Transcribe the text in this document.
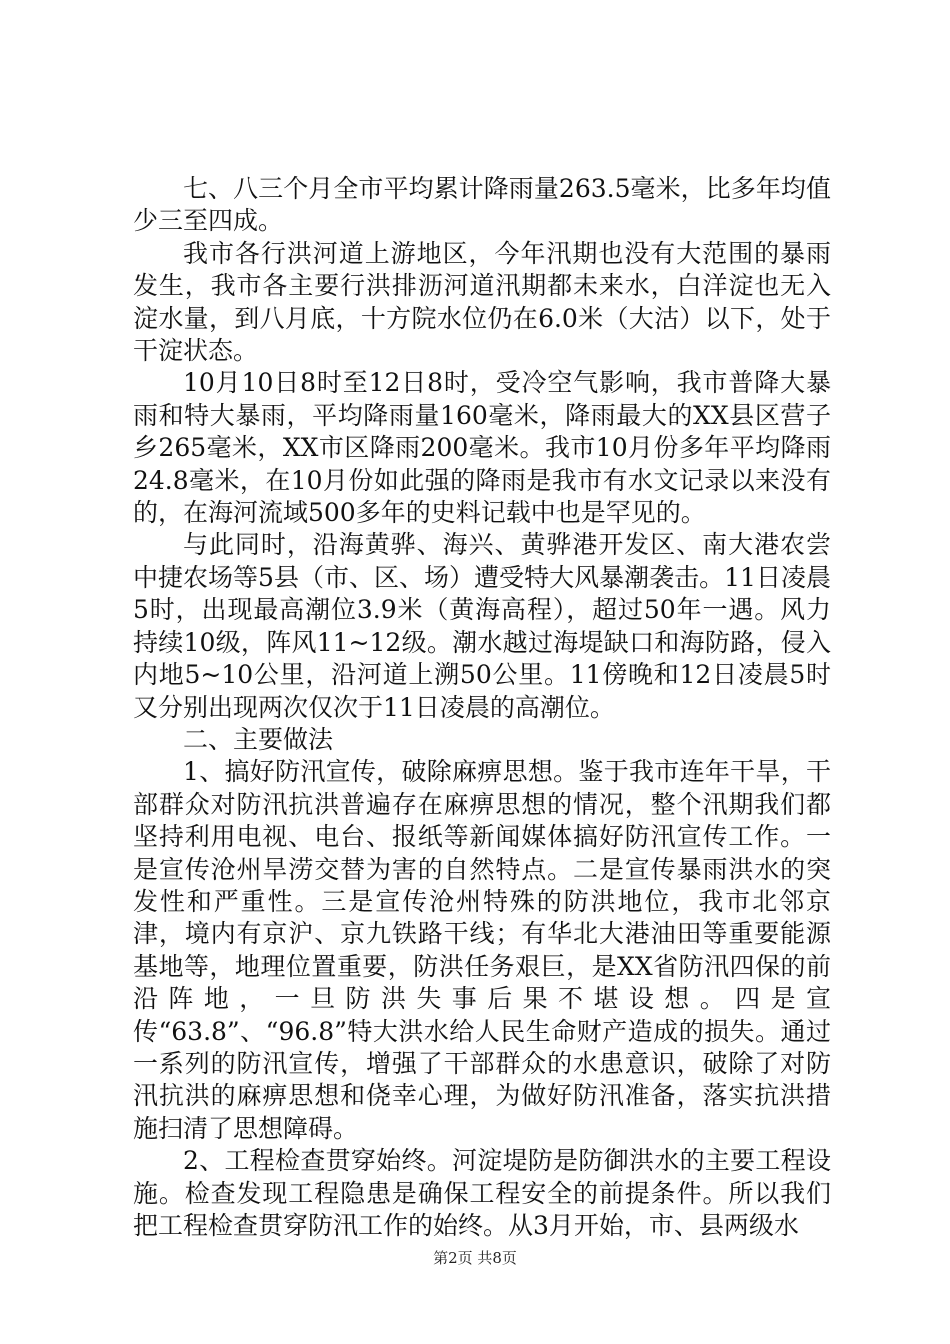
七、八三个月全市平均累计降雨量263.5毫米，比多年均值少三至四成。

我市各行洪河道上游地区，今年汛期也没有大范围的暴雨发生，我市各主要行洪排沥河道汛期都未来水，白洋淀也无入淀水量，到八月底，十方院水位仍在6.0米（大沽）以下，处于干淀状态。

10月10日8时至12日8时，受冷空气影响，我市普降大暴雨和特大暴雨，平均降雨量160毫米，降雨最大的XX县区营子乡265毫米，XX市区降雨200毫米。我市10月份多年平均降雨24.8毫米，在10月份如此强的降雨是我市有水文记录以来没有的，在海河流域500多年的史料记载中也是罕见的。

与此同时，沿海黄骅、海兴、黄骅港开发区、南大港农尝中捷农场等5县（市、区、场）遭受特大风暴潮袭击。11日凌晨5时，出现最高潮位3.9米（黄海高程），超过50年一遇。风力持续10级，阵风11~12级。潮水越过海堤缺口和海防路，侵入内地5~10公里，沿河道上溯50公里。11傍晚和12日凌晨5时又分别出现两次仅次于11日凌晨的高潮位。

二、主要做法

1、搞好防汛宣传，破除麻痹思想。鉴于我市连年干旱，干部群众对防汛抗洪普遍存在麻痹思想的情况，整个汛期我们都坚持利用电视、电台、报纸等新闻媒体搞好防汛宣传工作。一是宣传沧州旱涝交替为害的自然特点。二是宣传暴雨洪水的突发性和严重性。三是宣传沧州特殊的防洪地位，我市北邻京津，境内有京沪、京九铁路干线；有华北大港油田等重要能源基地等，地理位置重要，防洪任务艰巨，是XX省防汛四保的前沿阵地，一旦防洪失事后果不堪设想。四是宣传“63.8”、“96.8”特大洪水给人民生命财产造成的损失。通过一系列的防汛宣传，增强了干部群众的水患意识，破除了对防汛抗洪的麻痹思想和侥幸心理，为做好防汛准备，落实抗洪措施扫清了思想障碍。

2、工程检查贯穿始终。河淀堤防是防御洪水的主要工程设施。检查发现工程隐患是确保工程安全的前提条件。所以我们把工程检查贯穿防汛工作的始终。从3月开始，市、县两级水

第2页 共8页
